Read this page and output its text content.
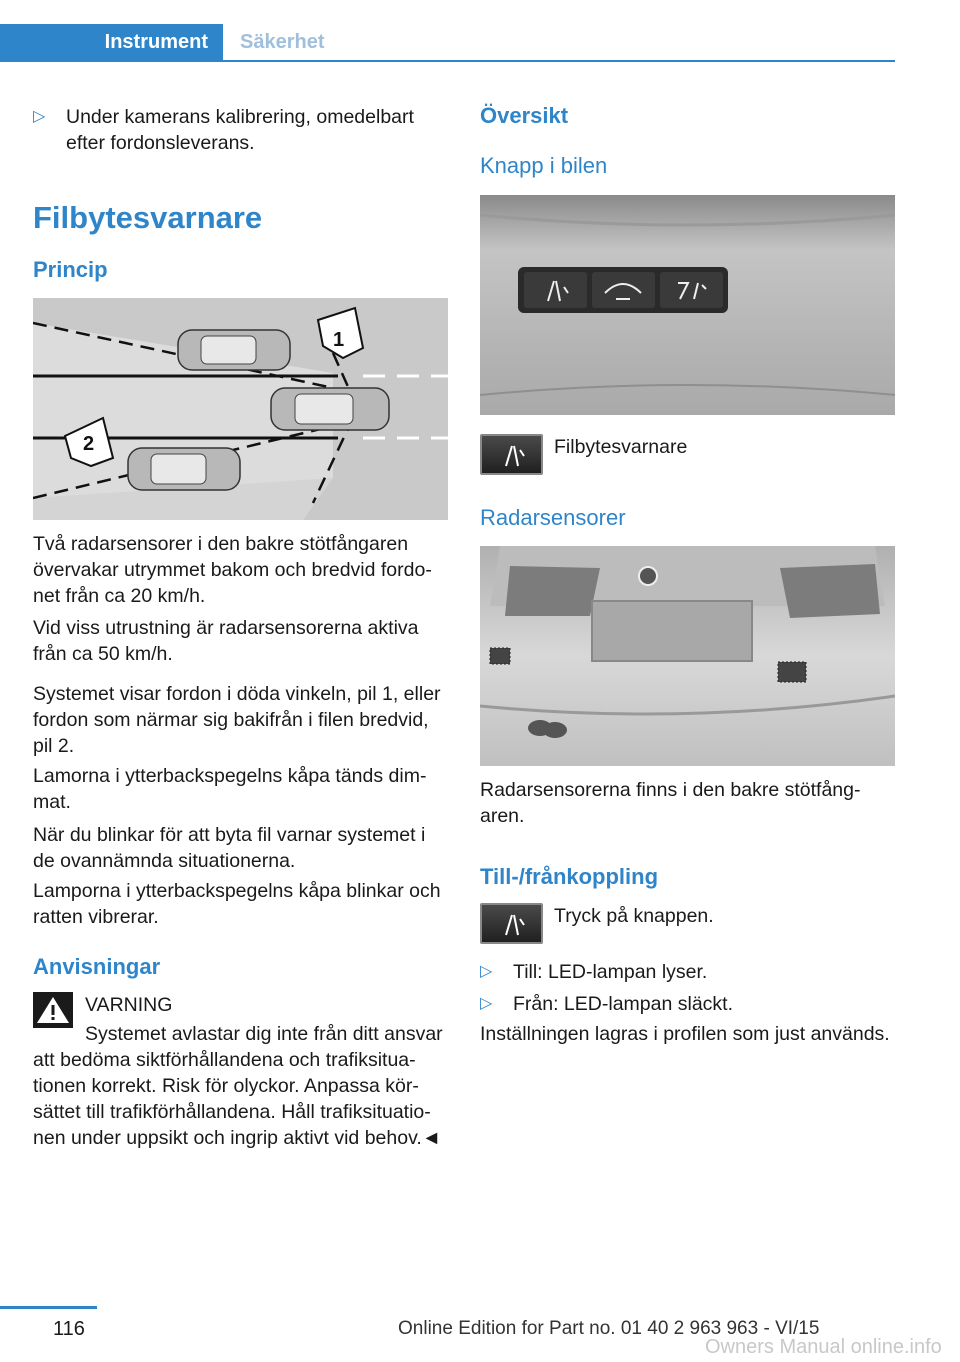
Instrument	Säkerhet
▷ Under kamerans kalibrering, omedelbart efter fordonsleverans.
Filbytesvarnare
Princip
1
2
Två radarsensorer i den bakre stötfångaren övervakar utrymmet bakom och bredvid fordo-net från ca 20 km/h.
Vid viss utrustning är radarsensorerna aktiva från ca 50 km/h.
Systemet visar fordon i döda vinkeln, pil 1, eller fordon som närmar sig bakifrån i filen bredvid, pil 2.
Lamorna i ytterbackspegelns kåpa tänds dim-mat.
När du blinkar för att byta fil varnar systemet i de ovannämnda situationerna.
Lamporna i ytterbackspegelns kåpa blinkar och ratten vibrerar.
Anvisningar
VARNING
Systemet avlastar dig inte från ditt ansvar att bedöma siktförhållandena och trafiksitua-tionen korrekt. Risk för olyckor. Anpassa kör-sättet till trafikförhållandena. Håll trafiksituatio-nen under uppsikt och ingrip aktivt vid behov.◄
Översikt
Knapp i bilen
Filbytesvarnare
Radarsensorer
Radarsensorerna finns i den bakre stötfång-aren.
Till-/frånkoppling
Tryck på knappen.
▷ Till: LED-lampan lyser.
▷ Från: LED-lampan släckt.
Inställningen lagras i profilen som just används.
116	Online Edition for Part no. 01 40 2 963 963 - VI/15
Owners Manual online.info
